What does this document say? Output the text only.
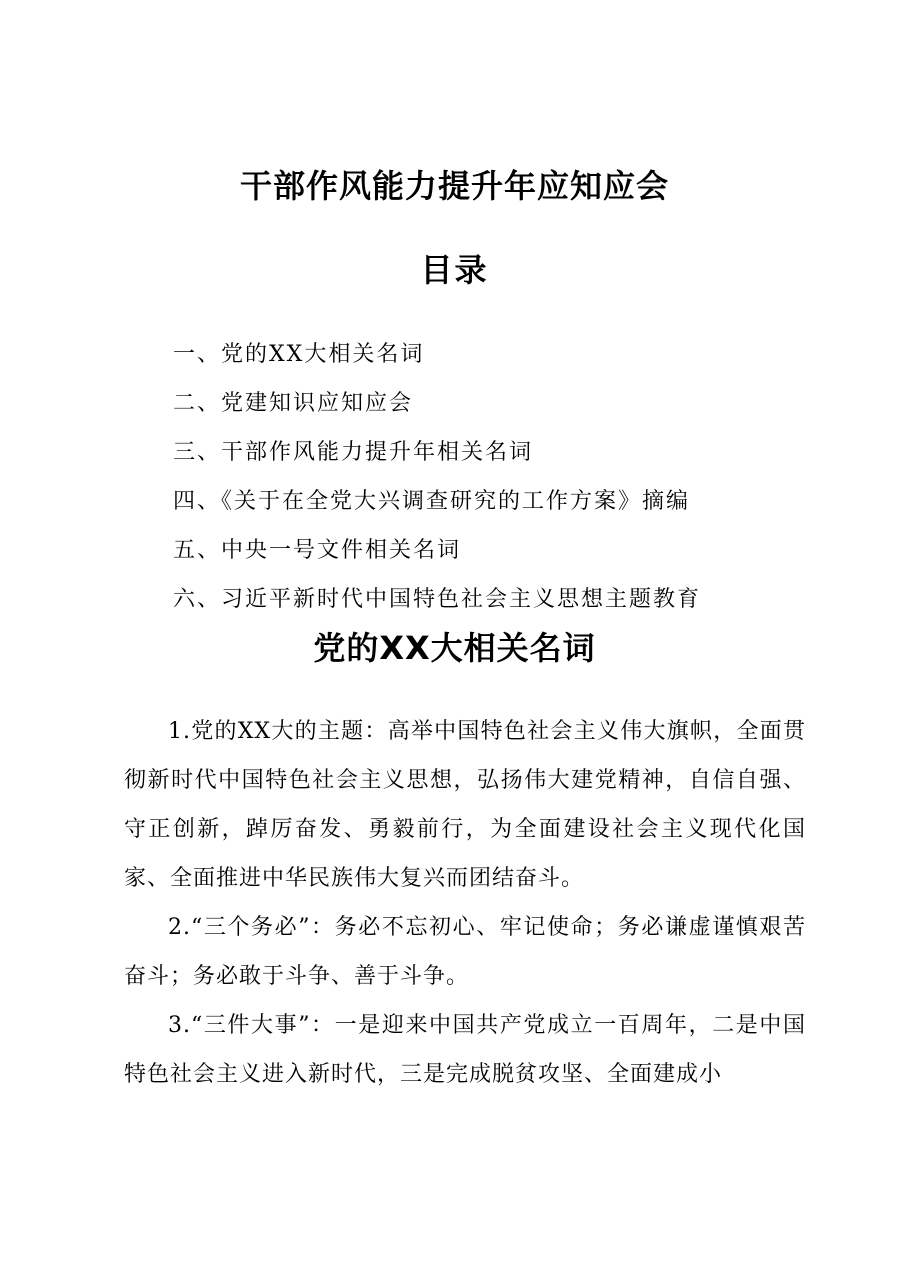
干部作风能力提升年应知应会
目录
一、党的XX大相关名词
二、党建知识应知应会
三、干部作风能力提升年相关名词
四、《关于在全党大兴调查研究的工作方案》摘编
五、中央一号文件相关名词
六、习近平新时代中国特色社会主义思想主题教育
党的XX大相关名词

1.党的XX大的主题：高举中国特色社会主义伟大旗帜，全面贯彻新时代中国特色社会主义思想，弘扬伟大建党精神，自信自强、守正创新，踔厉奋发、勇毅前行，为全面建设社会主义现代化国家、全面推进中华民族伟大复兴而团结奋斗。

2.“三个务必”：务必不忘初心、牢记使命；务必谦虚谨慎艰苦奋斗；务必敢于斗争、善于斗争。

3.“三件大事”：一是迎来中国共产党成立一百周年，二是中国特色社会主义进入新时代，三是完成脱贫攻坚、全面建成小
